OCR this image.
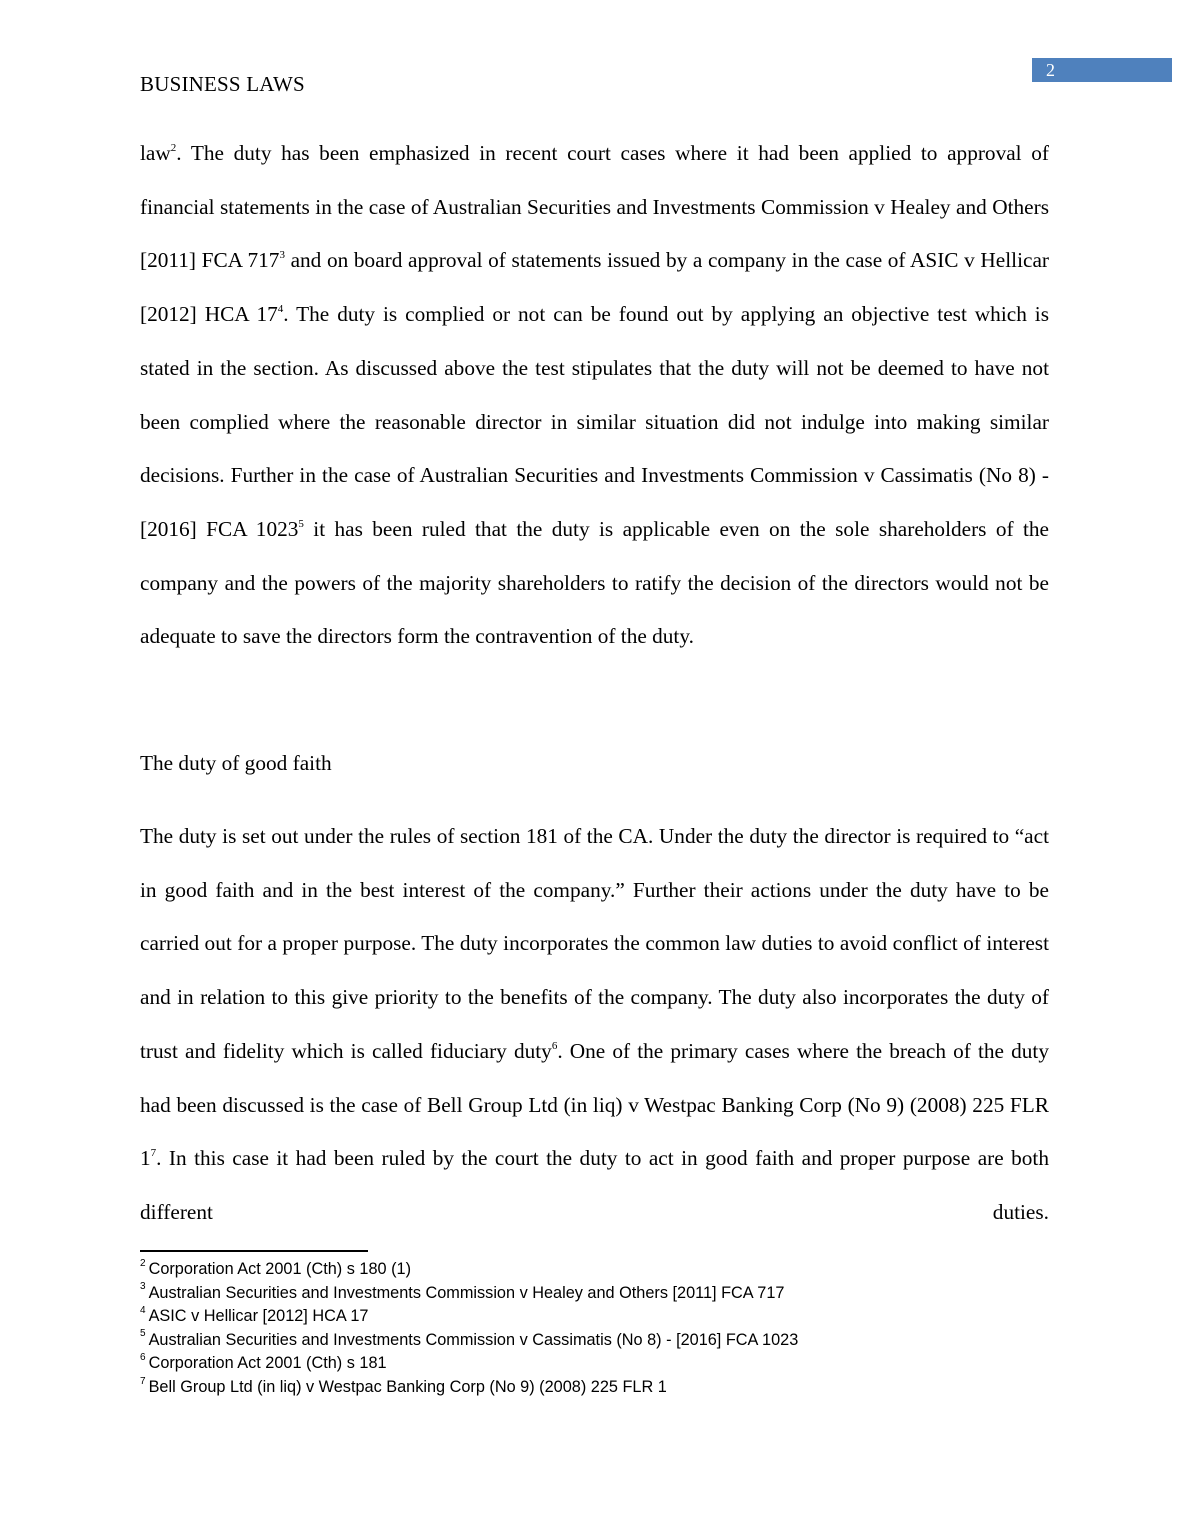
2
BUSINESS LAWS
law$^2$. The duty has been emphasized in recent court cases where it had been applied to approval of financial statements in the case of Australian Securities and Investments Commission v Healey and Others [2011] FCA $717^3$ and on board approval of statements issued by a company in the case of ASIC v Hellicar [2012] HCA $17^4$. The duty is complied or not can be found out by applying an objective test which is stated in the section. As discussed above the test stipulates that the duty will not be deemed to have not been complied where the reasonable director in similar situation did not indulge into making similar decisions. Further in the case of Australian Securities and Investments Commission v Cassimatis (No 8) - [2016] FCA 1023$^5$ it has been ruled that the duty is applicable even on the sole shareholders of the company and the powers of the majority shareholders to ratify the decision of the directors would not be adequate to save the directors form the contravention of the duty.
The duty of good faith
The duty is set out under the rules of section 181 of the CA. Under the duty the director is required to “act in good faith and in the best interest of the company.” Further their actions under the duty have to be carried out for a proper purpose. The duty incorporates the common law duties to avoid conflict of interest and in relation to this give priority to the benefits of the company. The duty also incorporates the duty of trust and fidelity which is called fiduciary duty$^6$. One of the primary cases where the breach of the duty had been discussed is the case of Bell Group Ltd (in liq) v Westpac Banking Corp (No 9) (2008) 225 FLR $1^7$. In this case it had been ruled by the court the duty to act in good faith and proper purpose are both different duties.
$^2$ Corporation Act 2001 (Cth) s 180 (1)
$^3$ Australian Securities and Investments Commission v Healey and Others [2011] FCA 717
$^4$ ASIC v Hellicar [2012] HCA 17
$^5$ Australian Securities and Investments Commission v Cassimatis (No 8) - [2016] FCA 1023
$^6$ Corporation Act 2001 (Cth) s 181
$^7$ Bell Group Ltd (in liq) v Westpac Banking Corp (No 9) (2008) 225 FLR 1
